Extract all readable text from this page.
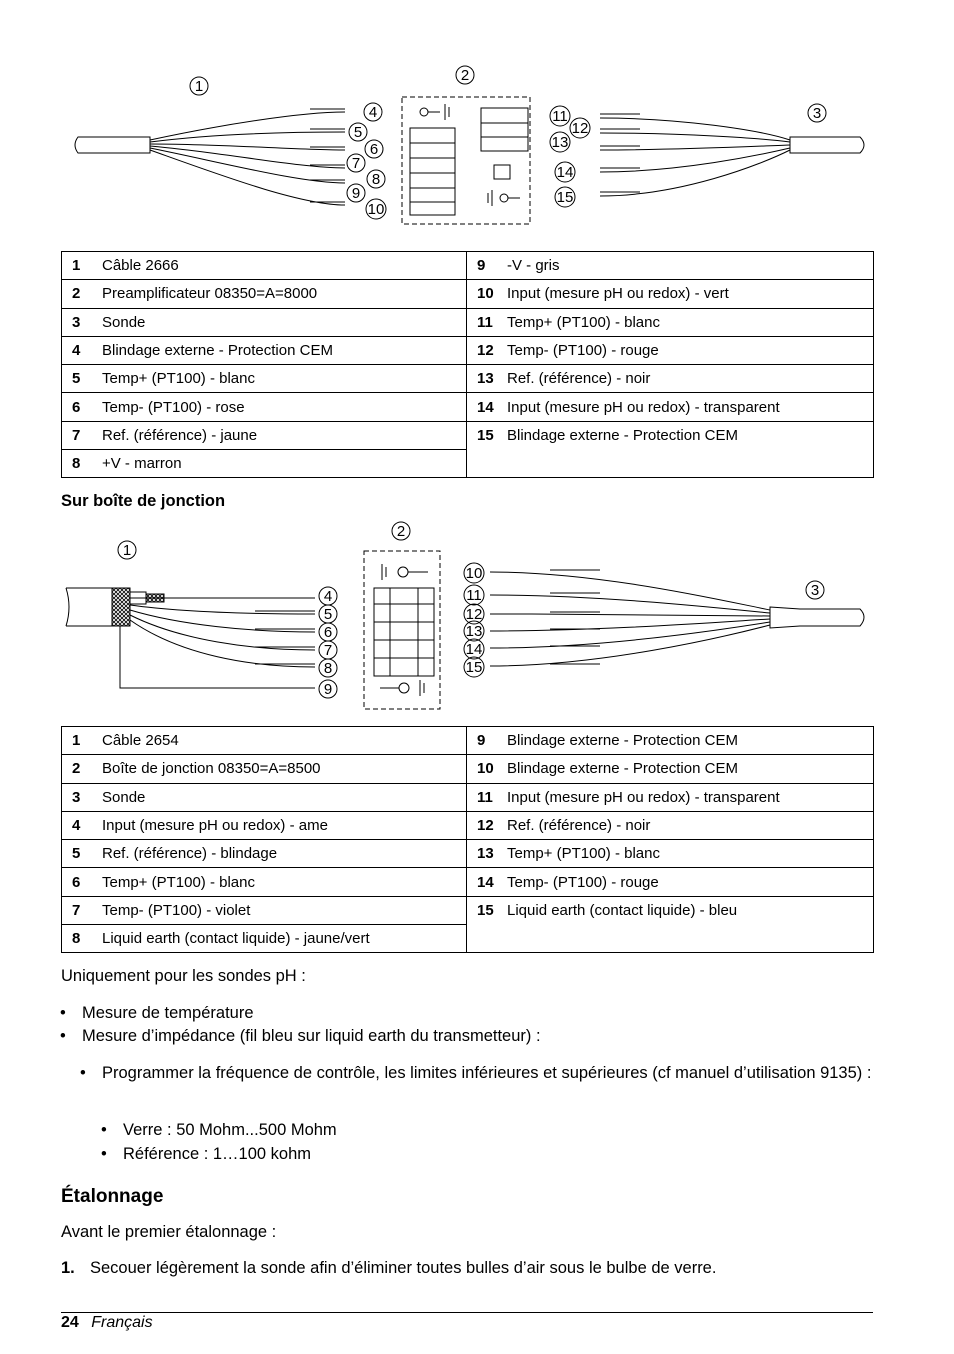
1
2
3
4
5
6
7
8
9
10
11
12
13
14
15
1 Câble 2666	9 -V - gris
2 Preamplificateur 08350=A=8000	10 Input (mesure pH ou redox) - vert
3 Sonde	11 Temp+ (PT100) - blanc
4 Blindage externe - Protection CEM	12 Temp- (PT100) - rouge
5 Temp+ (PT100) - blanc	13 Ref. (référence) - noir
6 Temp- (PT100) - rose	14 Input (mesure pH ou redox) - transparent
7 Ref. (référence) - jaune	15 Blindage externe - Protection CEM
8 +V - marron	
Sur boîte de jonction
1
2
3
4
5
6
7
8
9
10
11
12
13
14
15
1 Câble 2654	9 Blindage externe - Protection CEM
2 Boîte de jonction 08350=A=8500	10 Blindage externe - Protection CEM
3 Sonde	11 Input (mesure pH ou redox) - transparent
4 Input (mesure pH ou redox) - ame	12 Ref. (référence) - noir
5 Ref. (référence) - blindage	13 Temp+ (PT100) - blanc
6 Temp+ (PT100) - blanc	14 Temp- (PT100) - rouge
7 Temp- (PT100) - violet	15 Liquid earth (contact liquide) - bleu
8 Liquid earth (contact liquide) - jaune/vert	
Uniquement pour les sondes pH :
• Mesure de température
• Mesure d’impédance (fil bleu sur liquid earth du transmetteur) :
• Programmer la fréquence de contrôle, les limites inférieures et supérieures (cf manuel d’utilisation 9135) :
• Verre : 50 Mohm...500 Mohm
• Référence : 1…100 kohm
Étalonnage
Avant le premier étalonnage :
1. Secouer légèrement la sonde afin d’éliminer toutes bulles d’air sous le bulbe de verre.
24 Français
